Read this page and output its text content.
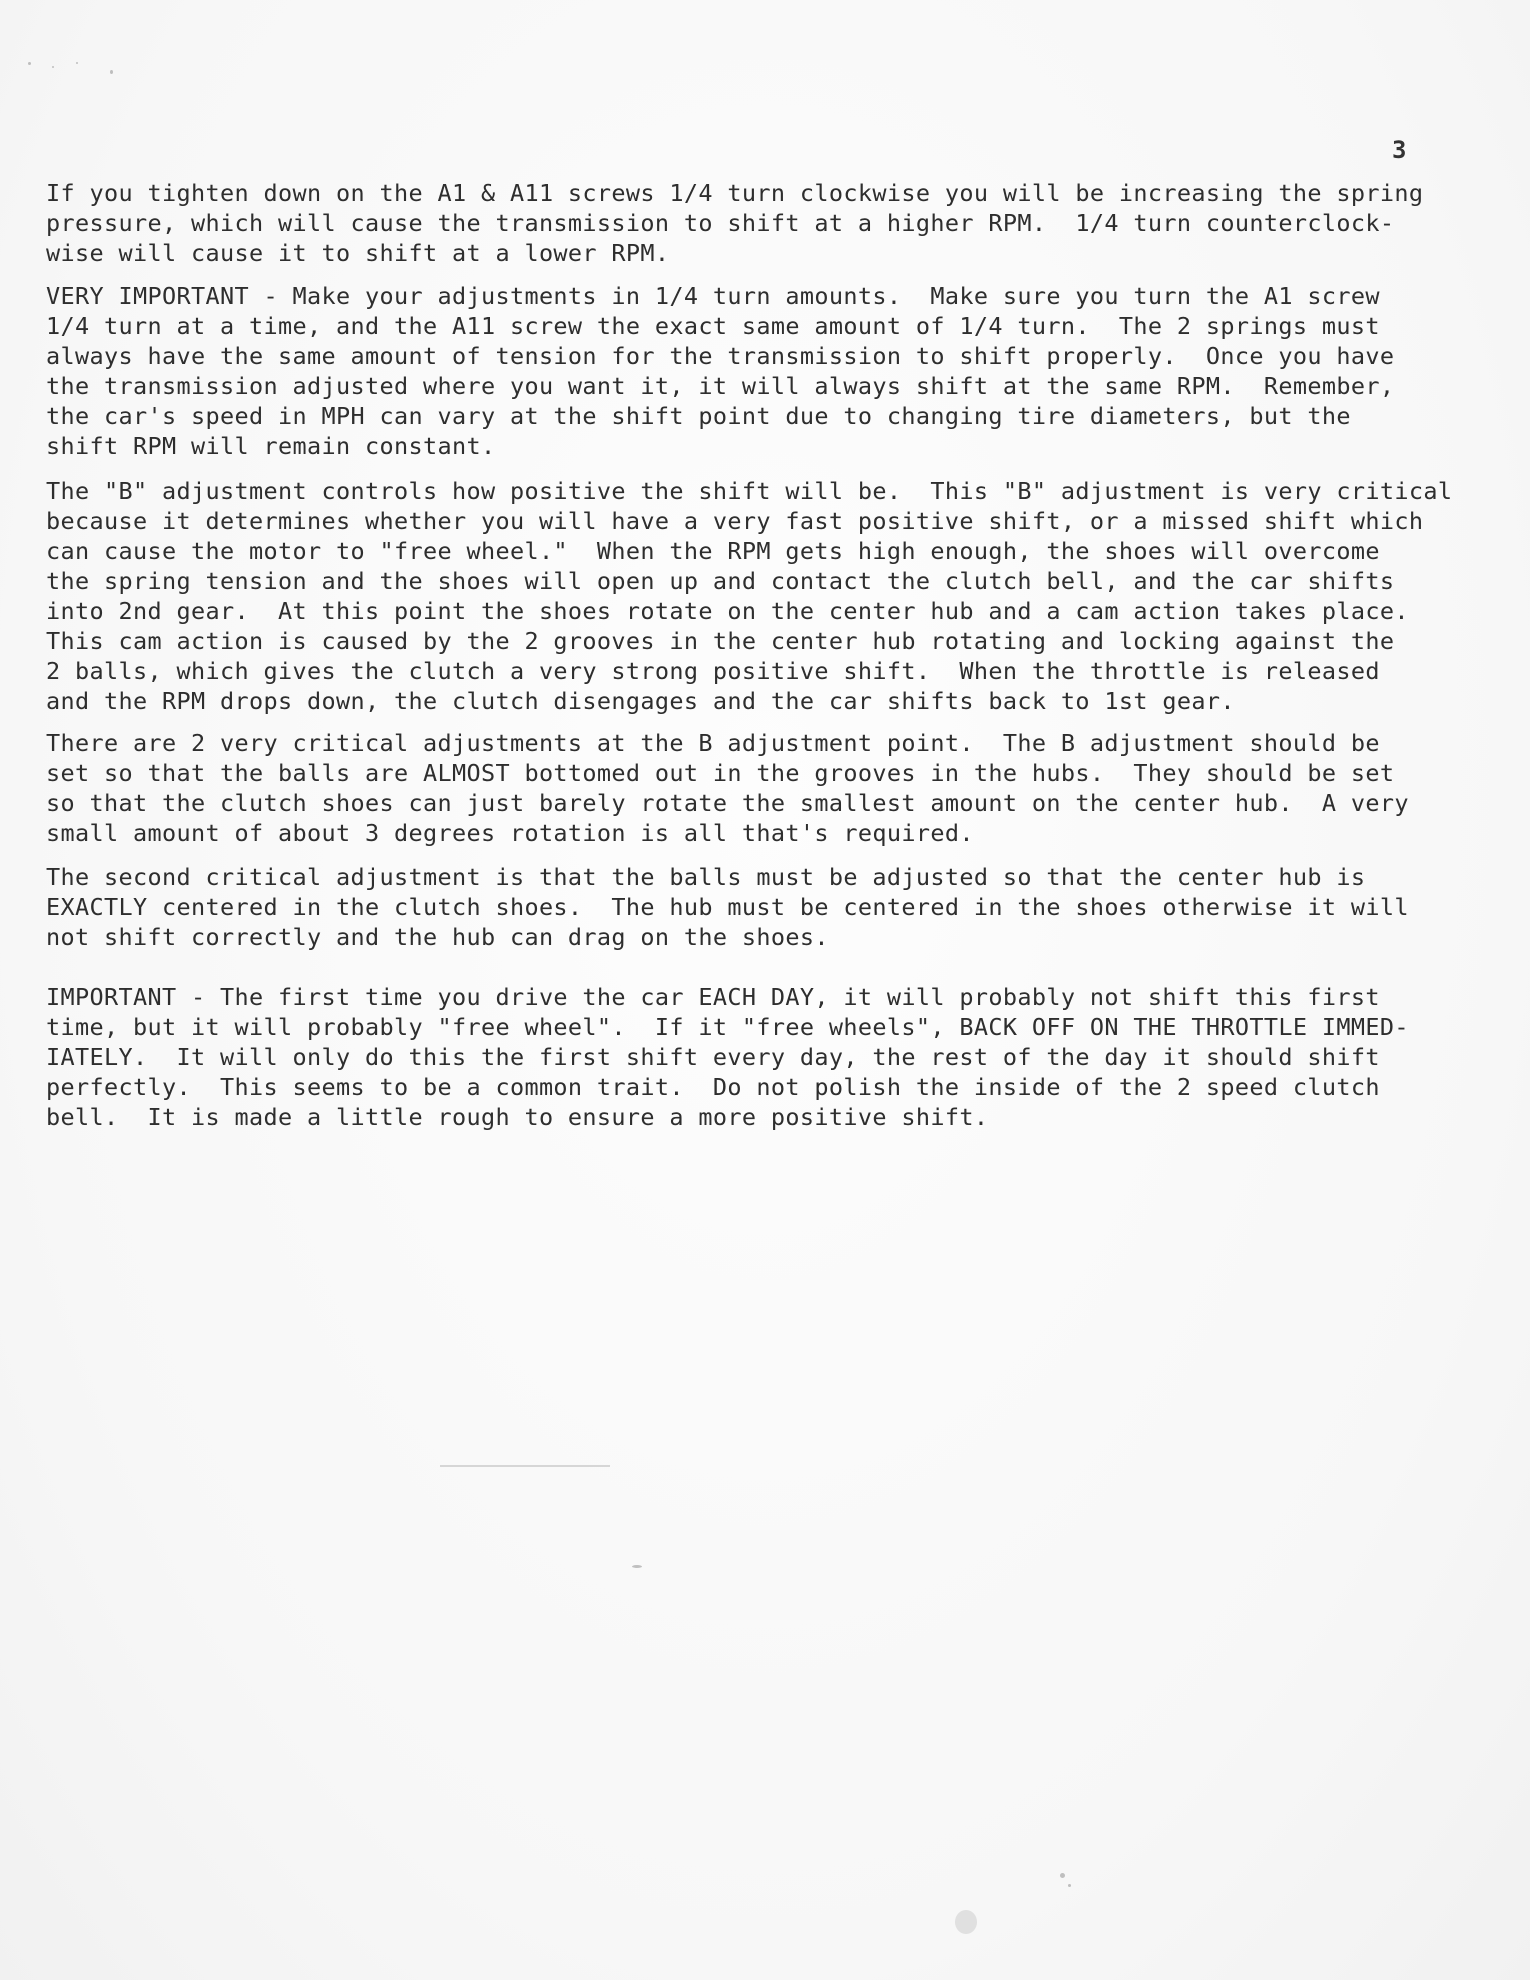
3

If you tighten down on the A1 & A11 screws 1/4 turn clockwise you will be increasing the spring
pressure, which will cause the transmission to shift at a higher RPM.  1/4 turn counterclock-
wise will cause it to shift at a lower RPM.

VERY IMPORTANT - Make your adjustments in 1/4 turn amounts.  Make sure you turn the A1 screw
1/4 turn at a time, and the A11 screw the exact same amount of 1/4 turn.  The 2 springs must
always have the same amount of tension for the transmission to shift properly.  Once you have
the transmission adjusted where you want it, it will always shift at the same RPM.  Remember,
the car's speed in MPH can vary at the shift point due to changing tire diameters, but the
shift RPM will remain constant.

The "B" adjustment controls how positive the shift will be.  This "B" adjustment is very critical
because it determines whether you will have a very fast positive shift, or a missed shift which
can cause the motor to "free wheel."  When the RPM gets high enough, the shoes will overcome
the spring tension and the shoes will open up and contact the clutch bell, and the car shifts
into 2nd gear.  At this point the shoes rotate on the center hub and a cam action takes place.
This cam action is caused by the 2 grooves in the center hub rotating and locking against the
2 balls, which gives the clutch a very strong positive shift.  When the throttle is released
and the RPM drops down, the clutch disengages and the car shifts back to 1st gear.

There are 2 very critical adjustments at the B adjustment point.  The B adjustment should be
set so that the balls are ALMOST bottomed out in the grooves in the hubs.  They should be set
so that the clutch shoes can just barely rotate the smallest amount on the center hub.  A very
small amount of about 3 degrees rotation is all that's required.

The second critical adjustment is that the balls must be adjusted so that the center hub is
EXACTLY centered in the clutch shoes.  The hub must be centered in the shoes otherwise it will
not shift correctly and the hub can drag on the shoes.

IMPORTANT - The first time you drive the car EACH DAY, it will probably not shift this first
time, but it will probably "free wheel".  If it "free wheels", BACK OFF ON THE THROTTLE IMMED-
IATELY.  It will only do this the first shift every day, the rest of the day it should shift
perfectly.  This seems to be a common trait.  Do not polish the inside of the 2 speed clutch
bell.  It is made a little rough to ensure a more positive shift.
